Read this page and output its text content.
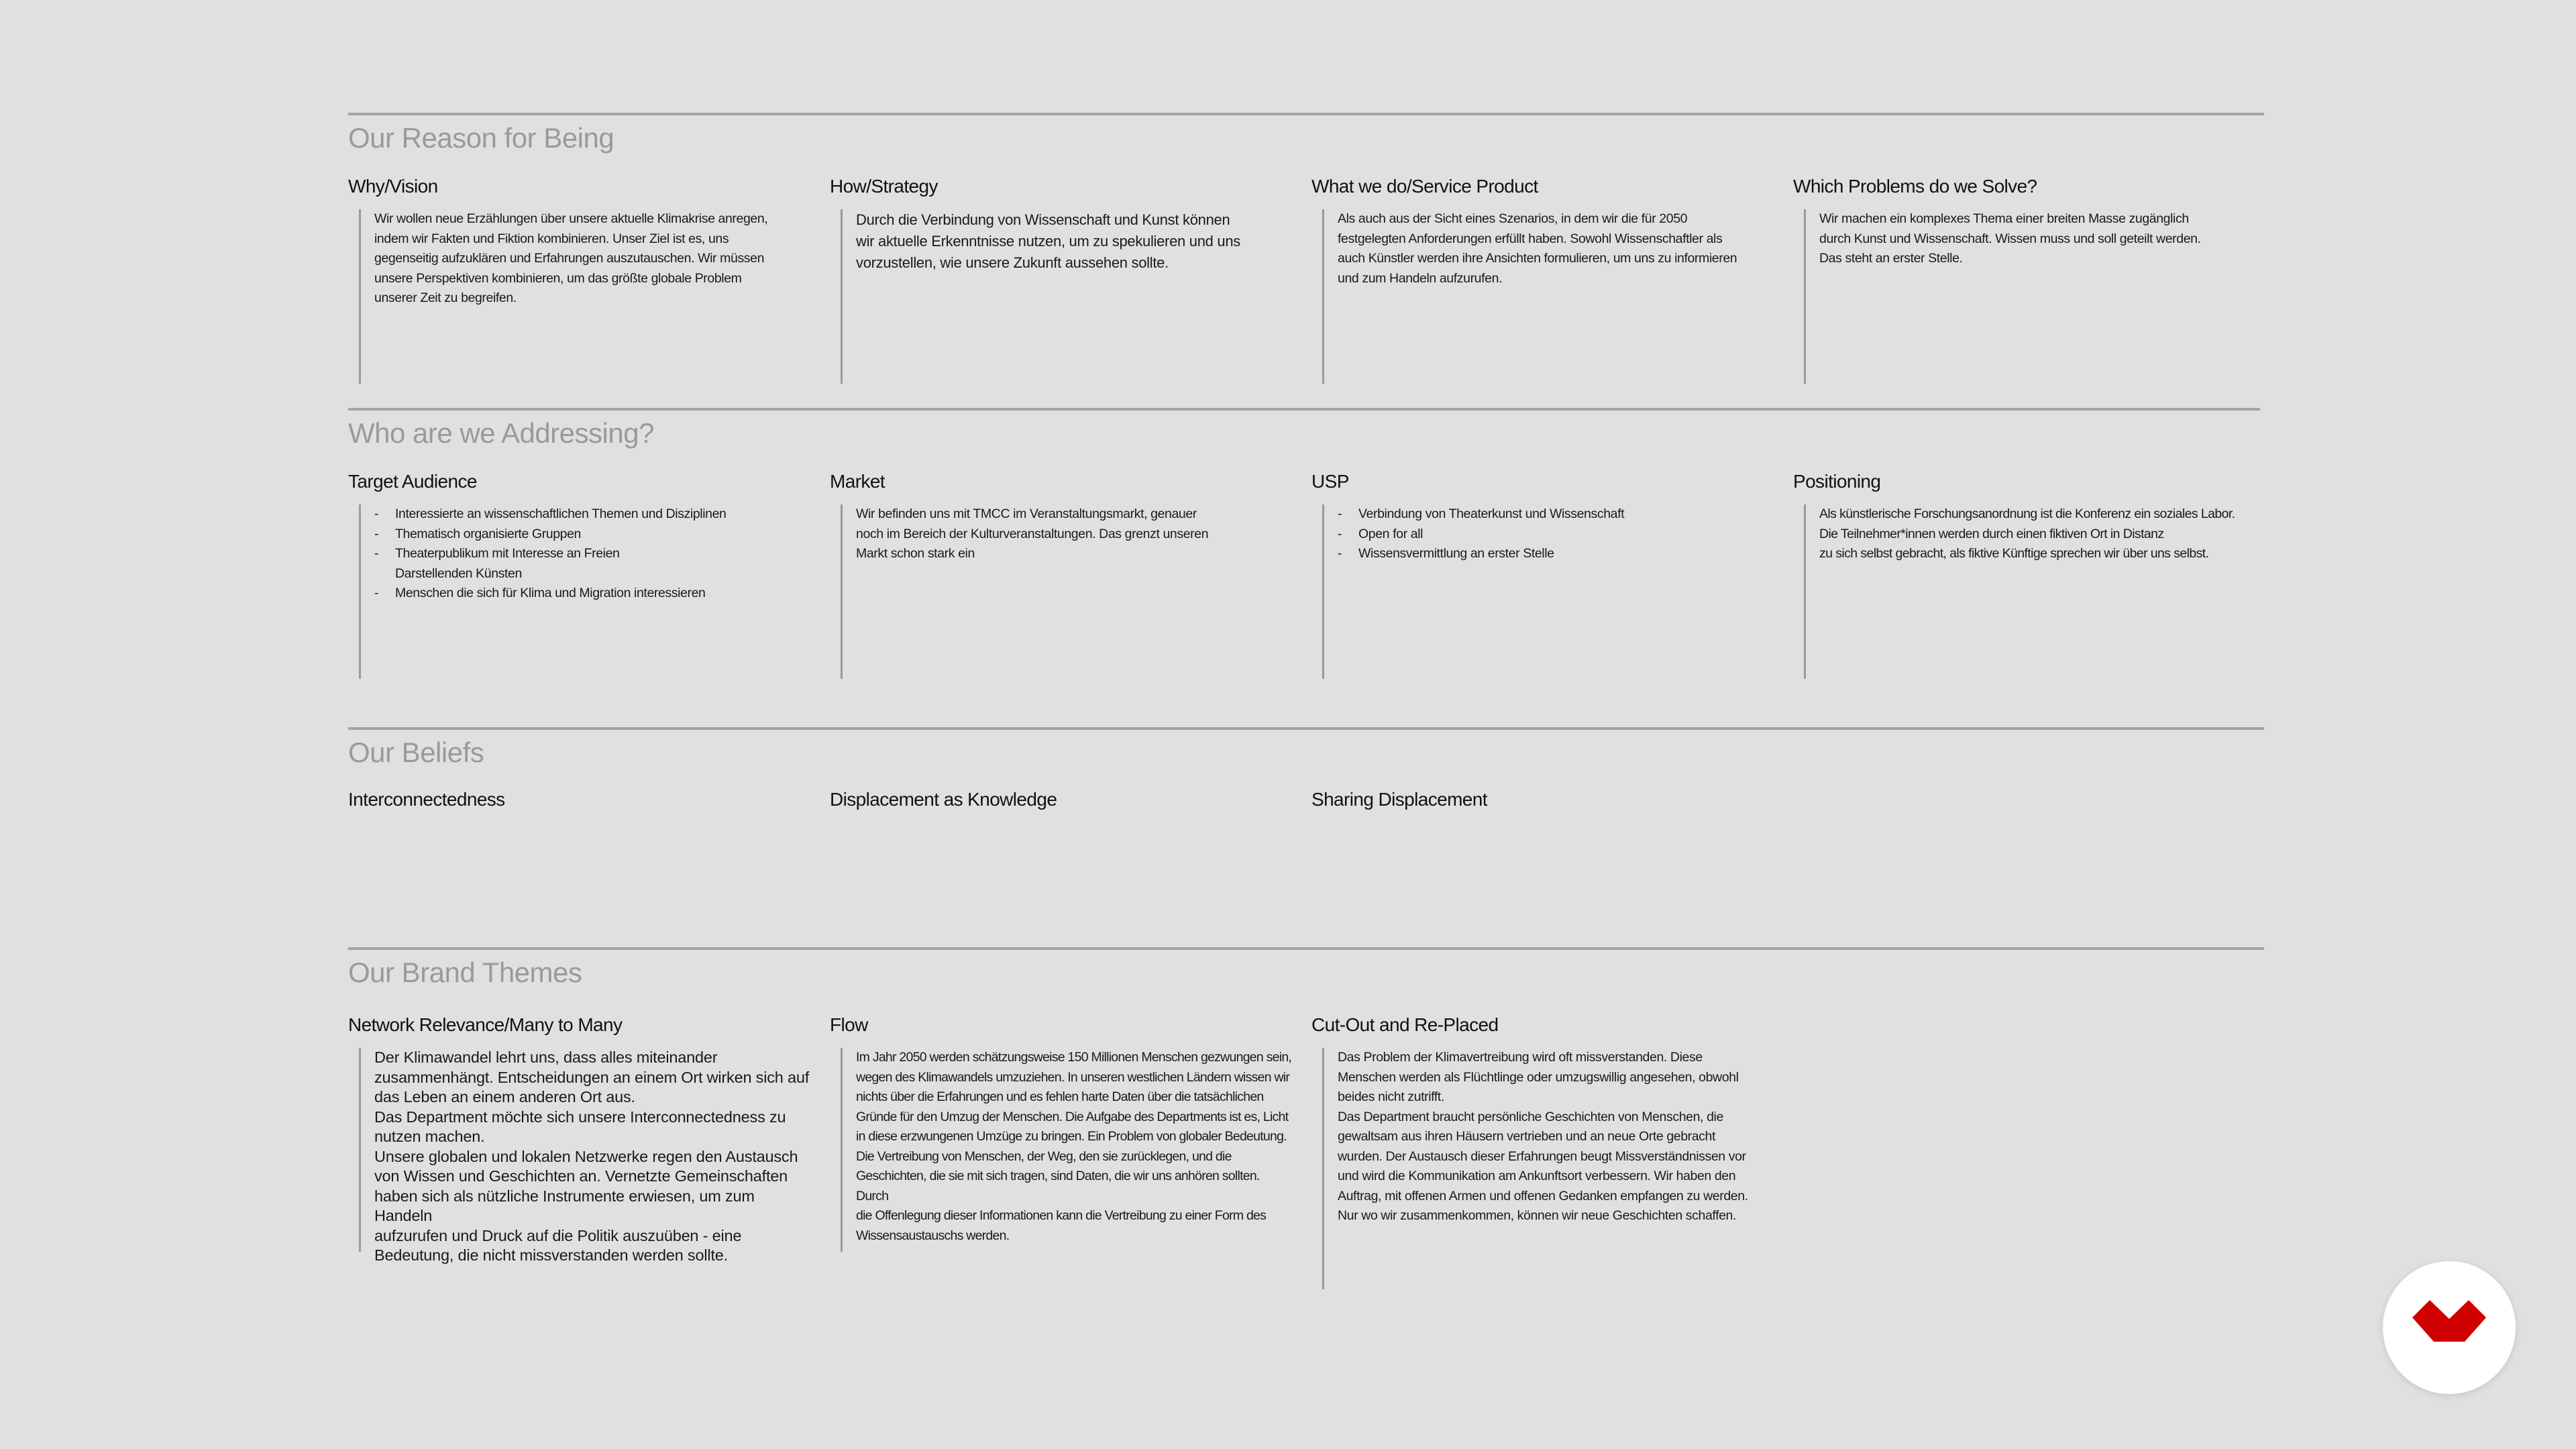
Our Reason for Being
Why/Vision

Wir wollen neue Erzählungen über unsere aktuelle Klimakrise anregen,
indem wir Fakten und Fiktion kombinieren. Unser Ziel ist es, uns
gegenseitig aufzuklären und Erfahrungen auszutauschen. Wir müssen
unsere Perspektiven kombinieren, um das größte globale Problem
unserer Zeit zu begreifen.

How/Strategy

Durch die Verbindung von Wissenschaft und Kunst können
wir aktuelle Erkenntnisse nutzen, um zu spekulieren und uns
vorzustellen, wie unsere Zukunft aussehen sollte.

What we do/Service Product

Als auch aus der Sicht eines Szenarios, in dem wir die für 2050
festgelegten Anforderungen erfüllt haben. Sowohl Wissenschaftler als
auch Künstler werden ihre Ansichten formulieren, um uns zu informieren
und zum Handeln aufzurufen.

Which Problems do we Solve?

Wir machen ein komplexes Thema einer breiten Masse zugänglich
durch Kunst und Wissenschaft. Wissen muss und soll geteilt werden.
Das steht an erster Stelle.

Who are we Addressing?
Target Audience
- Interessierte an wissenschaftlichen Themen und Disziplinen
- Thematisch organisierte Gruppen
- Theaterpublikum mit Interesse an Freien
Darstellenden Künsten
- Menschen die sich für Klima und Migration interessieren
Market

Wir befinden uns mit TMCC im Veranstaltungsmarkt, genauer
noch im Bereich der Kulturveranstaltungen. Das grenzt unseren
Markt schon stark ein

USP
- Verbindung von Theaterkunst und Wissenschaft
- Open for all
- Wissensvermittlung an erster Stelle
Positioning

Als künstlerische Forschungsanordnung ist die Konferenz ein soziales Labor.
Die Teilnehmer*innen werden durch einen fiktiven Ort in Distanz
zu sich selbst gebracht, als fiktive Künftige sprechen wir über uns selbst.

Our Beliefs
Interconnectedness	Displacement as Knowledge	Sharing Displacement
Our Brand Themes
Network Relevance/Many to Many

Der Klimawandel lehrt uns, dass alles miteinander
zusammenhängt. Entscheidungen an einem Ort wirken sich auf
das Leben an einem anderen Ort aus.
Das Department möchte sich unsere Interconnectedness zu
nutzen machen.
Unsere globalen und lokalen Netzwerke regen den Austausch
von Wissen und Geschichten an. Vernetzte Gemeinschaften
haben sich als nützliche Instrumente erwiesen, um zum Handeln
aufzurufen und Druck auf die Politik auszuüben - eine
Bedeutung, die nicht missverstanden werden sollte.

Flow

Im Jahr 2050 werden schätzungsweise 150 Millionen Menschen gezwungen sein,
wegen des Klimawandels umzuziehen. In unseren westlichen Ländern wissen wir
nichts über die Erfahrungen und es fehlen harte Daten über die tatsächlichen
Gründe für den Umzug der Menschen. Die Aufgabe des Departments ist es, Licht
in diese erzwungenen Umzüge zu bringen. Ein Problem von globaler Bedeutung.
Die Vertreibung von Menschen, der Weg, den sie zurücklegen, und die
Geschichten, die sie mit sich tragen, sind Daten, die wir uns anhören sollten. Durch
die Offenlegung dieser Informationen kann die Vertreibung zu einer Form des
Wissensaustauschs werden.

Cut-Out and Re-Placed

Das Problem der Klimavertreibung wird oft missverstanden. Diese
Menschen werden als Flüchtlinge oder umzugswillig angesehen, obwohl
beides nicht zutrifft.
Das Department braucht persönliche Geschichten von Menschen, die
gewaltsam aus ihren Häusern vertrieben und an neue Orte gebracht
wurden. Der Austausch dieser Erfahrungen beugt Missverständnissen vor
und wird die Kommunikation am Ankunftsort verbessern. Wir haben den
Auftrag, mit offenen Armen und offenen Gedanken empfangen zu werden.
Nur wo wir zusammenkommen, können wir neue Geschichten schaffen.
